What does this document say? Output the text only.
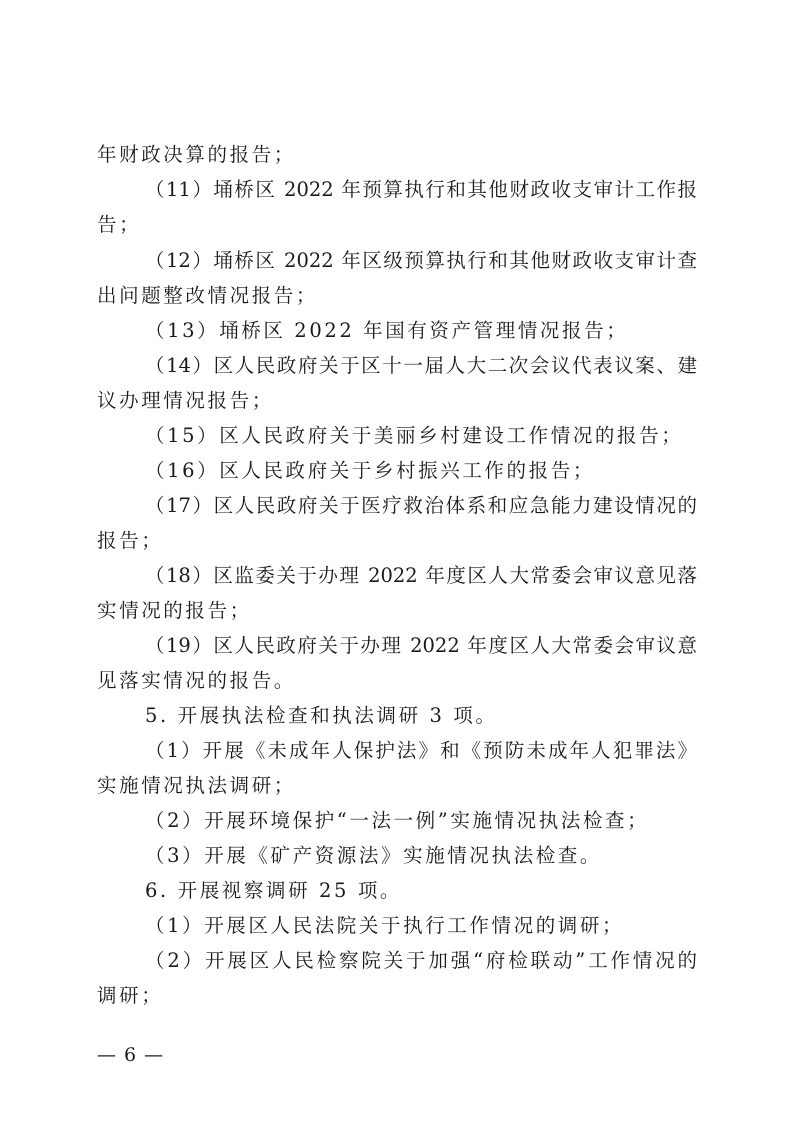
年财政决算的报告；
（11）埇桥区 2022 年预算执行和其他财政收支审计工作报
告；
（12）埇桥区 2022 年区级预算执行和其他财政收支审计查
出问题整改情况报告；
（13）埇桥区 2022 年国有资产管理情况报告；
（14）区人民政府关于区十一届人大二次会议代表议案、建
议办理情况报告；
（15）区人民政府关于美丽乡村建设工作情况的报告；
（16）区人民政府关于乡村振兴工作的报告；
（17）区人民政府关于医疗救治体系和应急能力建设情况的
报告；
（18）区监委关于办理 2022 年度区人大常委会审议意见落
实情况的报告；
（19）区人民政府关于办理 2022 年度区人大常委会审议意
见落实情况的报告。
5. 开展执法检查和执法调研 3 项。
（1）开展《未成年人保护法》和《预防未成年人犯罪法》
实施情况执法调研；
（2）开展环境保护“一法一例”实施情况执法检查；
（3）开展《矿产资源法》实施情况执法检查。
6. 开展视察调研 25 项。
（1）开展区人民法院关于执行工作情况的调研；
（2）开展区人民检察院关于加强“府检联动”工作情况的
调研；
— 6 —
